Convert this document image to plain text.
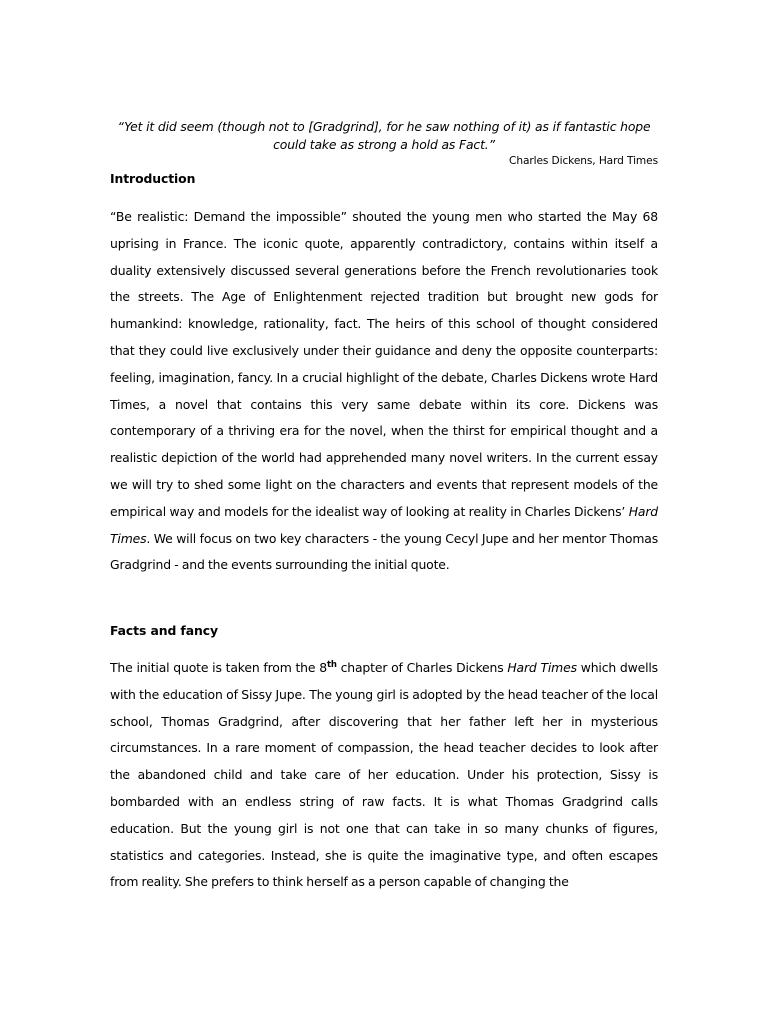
“Yet it did seem (though not to [Gradgrind], for he saw nothing of it) as if fantastic hope could take as strong a hold as Fact.”
Charles Dickens, Hard Times
Introduction

“Be realistic: Demand the impossible” shouted the young men who started the May 68 uprising in France. The iconic quote, apparently contradictory, contains within itself a duality extensively discussed several generations before the French revolutionaries took the streets. The Age of Enlightenment rejected tradition but brought new gods for humankind: knowledge, rationality, fact. The heirs of this school of thought considered that they could live exclusively under their guidance and deny the opposite counterparts: feeling, imagination, fancy. In a crucial highlight of the debate, Charles Dickens wrote Hard Times, a novel that contains this very same debate within its core. Dickens was contemporary of a thriving era for the novel, when the thirst for empirical thought and a realistic depiction of the world had apprehended many novel writers. In the current essay we will try to shed some light on the characters and events that represent models of the empirical way and models for the idealist way of looking at reality in Charles Dickens’ Hard Times. We will focus on two key characters - the young Cecyl Jupe and her mentor Thomas Gradgrind - and the events surrounding the initial quote.

Facts and fancy

The initial quote is taken from the 8th chapter of Charles Dickens Hard Times which dwells with the education of Sissy Jupe. The young girl is adopted by the head teacher of the local school, Thomas Gradgrind, after discovering that her father left her in mysterious circumstances. In a rare moment of compassion, the head teacher decides to look after the abandoned child and take care of her education. Under his protection, Sissy is bombarded with an endless string of raw facts. It is what Thomas Gradgrind calls education. But the young girl is not one that can take in so many chunks of figures, statistics and categories. Instead, she is quite the imaginative type, and often escapes from reality. She prefers to think herself as a person capable of changing the
